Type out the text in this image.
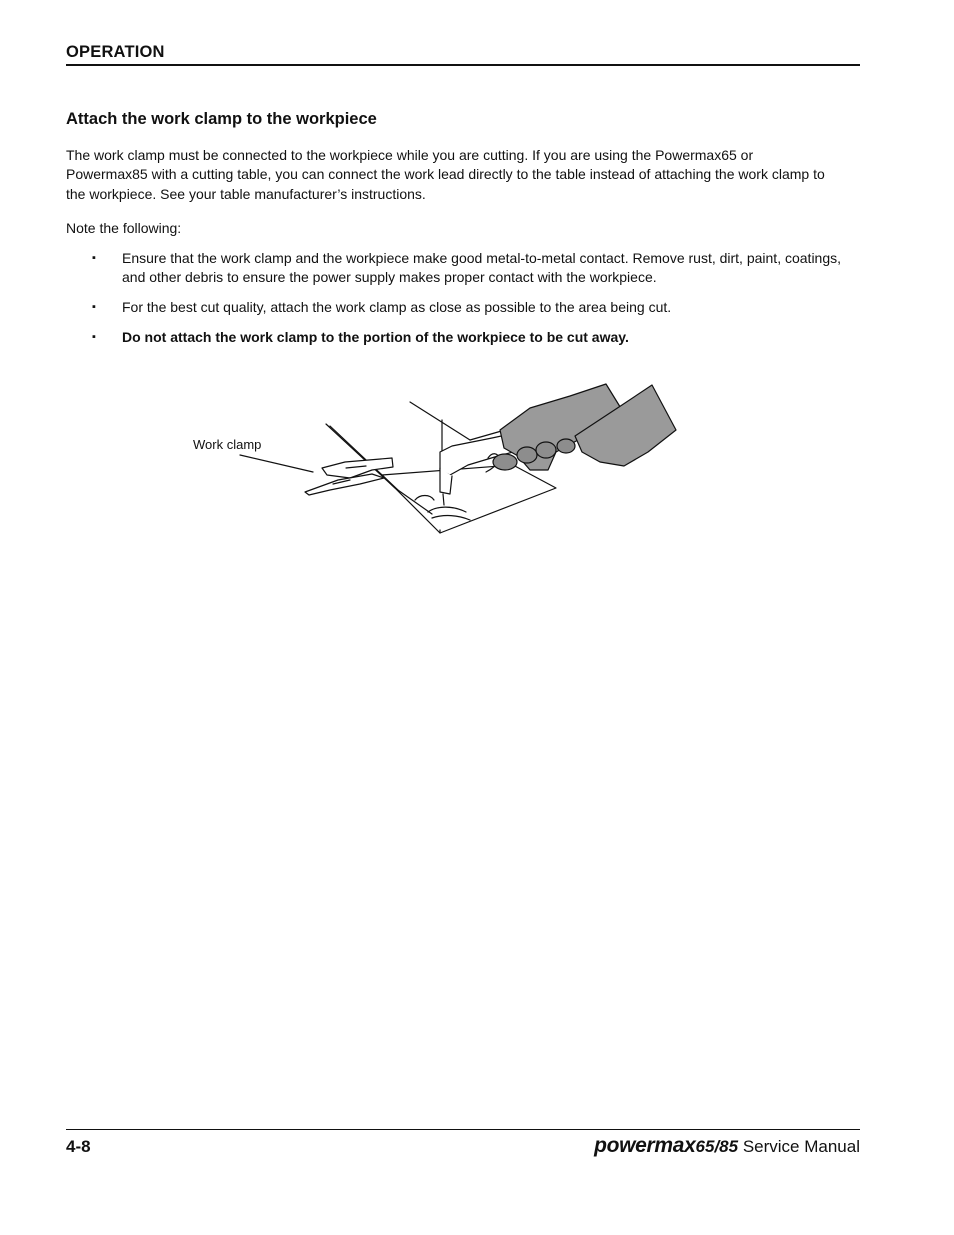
OPERATION
Attach the work clamp to the workpiece

The work clamp must be connected to the workpiece while you are cutting. If you are using the Powermax65 or Powermax85 with a cutting table, you can connect the work lead directly to the table instead of attaching the work clamp to the workpiece. See your table manufacturer’s instructions.

Note the following:

▪ Ensure that the work clamp and the workpiece make good metal-to-metal contact. Remove rust, dirt, paint, coatings, and other debris to ensure the power supply makes proper contact with the workpiece.
▪ For the best cut quality, attach the work clamp as close as possible to the area being cut.
▪ Do not attach the work clamp to the portion of the workpiece to be cut away.
Work clamp
4-8	powermax65/85 Service Manual
